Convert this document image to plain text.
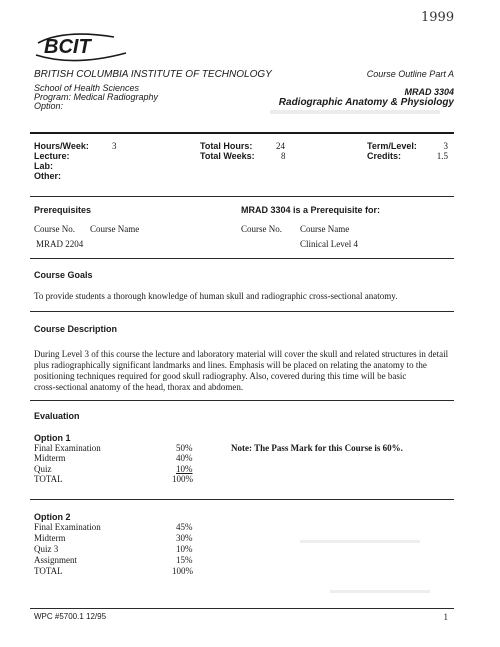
1999
BCIT
BRITISH COLUMBIA INSTITUTE OF TECHNOLOGY	Course Outline Part A
School of Health Sciences
Program: Medical Radiography
Option:
MRAD 3304
Radiographic Anatomy & Physiology
Hours/Week:	3
Lecture:
Lab:
Other:
Total Hours:	24
Total Weeks:	8
Term/Level:	3
Credits:	1.5
Prerequisites	MRAD 3304 is a Prerequisite for:
Course No. Course Name
MRAD 2204
Course No. Course Name
Clinical Level 4
Course Goals
To provide students a thorough knowledge of human skull and radiographic cross-sectional anatomy.
Course Description
During Level 3 of this course the lecture and laboratory material will cover the skull and related structures in detail
plus radiographically significant landmarks and lines. Emphasis will be placed on relating the anatomy to the
positioning techniques required for good skull radiography. Also, covered during this time will be basic
cross-sectional anatomy of the head, thorax and abdomen.
Evaluation
Option 1
Final Examination	50%
Midterm	40%
Quiz	10%
TOTAL	100%
Note: The Pass Mark for this Course is 60%.
Option 2
Final Examination	45%
Midterm	30%
Quiz 3	10%
Assignment	15%
TOTAL	100%
WPC #5700.1 12/95	1
